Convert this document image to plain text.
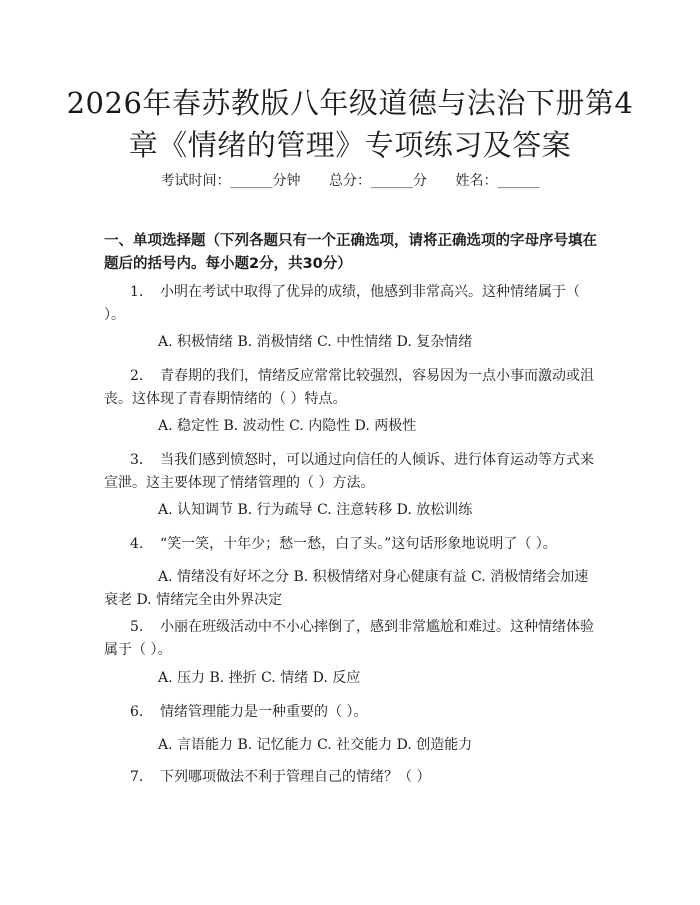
2026年春苏教版八年级道德与法治下册第4章《情绪的管理》专项练习及答案
考试时间：______分钟 总分：______分 姓名：______
一、单项选择题（下列各题只有一个正确选项，请将正确选项的字母序号填在题后的括号内。每小题2分，共30分）
1. 小明在考试中取得了优异的成绩，他感到非常高兴。这种情绪属于（ ）。
A. 积极情绪 B. 消极情绪 C. 中性情绪 D. 复杂情绪
2. 青春期的我们，情绪反应常常比较强烈，容易因为一点小事而激动或沮丧。这体现了青春期情绪的（ ）特点。
A. 稳定性 B. 波动性 C. 内隐性 D. 两极性
3. 当我们感到愤怒时，可以通过向信任的人倾诉、进行体育运动等方式来宣泄。这主要体现了情绪管理的（ ）方法。
A. 认知调节 B. 行为疏导 C. 注意转移 D. 放松训练
4. “笑一笑，十年少；愁一愁，白了头。”这句话形象地说明了（ ）。
A. 情绪没有好坏之分 B. 积极情绪对身心健康有益 C. 消极情绪会加速衰老 D. 情绪完全由外界决定
5. 小丽在班级活动中不小心摔倒了，感到非常尴尬和难过。这种情绪体验属于（ ）。
A. 压力 B. 挫折 C. 情绪 D. 反应
6. 情绪管理能力是一种重要的（ ）。
A. 言语能力 B. 记忆能力 C. 社交能力 D. 创造能力
7. 下列哪项做法不利于管理自己的情绪？（ ）
